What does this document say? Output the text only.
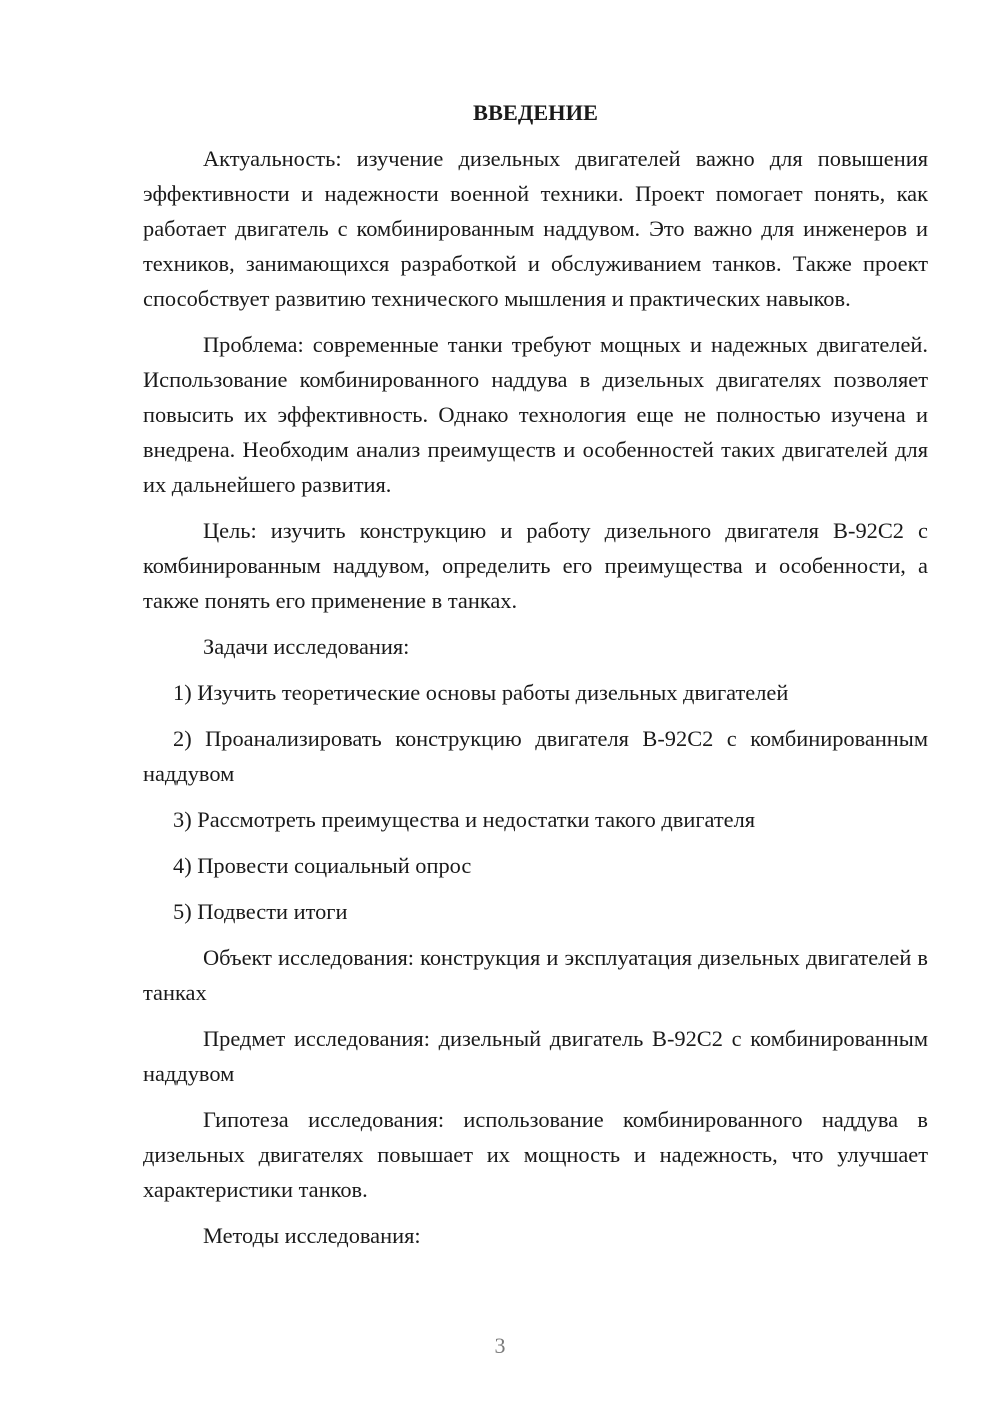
ВВЕДЕНИЕ

Актуальность: изучение дизельных двигателей важно для повышения эффективности и надежности военной техники. Проект помогает понять, как работает двигатель с комбинированным наддувом. Это важно для инженеров и техников, занимающихся разработкой и обслуживанием танков. Также проект способствует развитию технического мышления и практических навыков.

Проблема: современные танки требуют мощных и надежных двигателей. Использование комбинированного наддува в дизельных двигателях позволяет повысить их эффективность. Однако технология еще не полностью изучена и внедрена. Необходим анализ преимуществ и особенностей таких двигателей для их дальнейшего развития.

Цель: изучить конструкцию и работу дизельного двигателя В-92С2 с комбинированным наддувом, определить его преимущества и особенности, а также понять его применение в танках.

Задачи исследования:

1) Изучить теоретические основы работы дизельных двигателей

2) Проанализировать конструкцию двигателя В-92С2 с комбинированным наддувом

3) Рассмотреть преимущества и недостатки такого двигателя

4) Провести социальный опрос

5) Подвести итоги

Объект исследования: конструкция и эксплуатация дизельных двигателей в танках

Предмет исследования: дизельный двигатель В-92С2 с комбинированным наддувом

Гипотеза исследования: использование комбинированного наддува в дизельных двигателях повышает их мощность и надежность, что улучшает характеристики танков.

Методы исследования:

3
